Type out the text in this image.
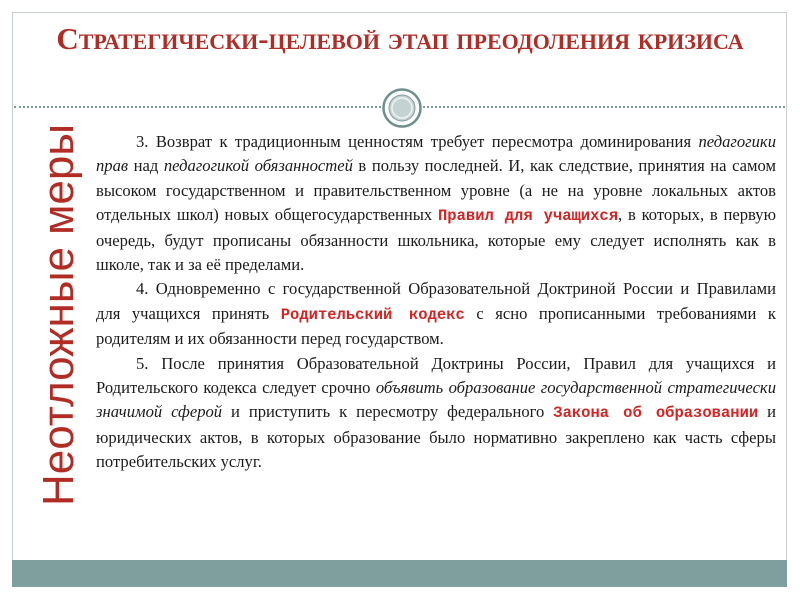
Стратегически-целевой этап преодоления кризиса
Неотложные меры	3. Возврат к традиционным ценностям требует пересмотра доминирования педагогики прав над педагогикой обязанностей в пользу последней. И, как следствие, принятия на самом высоком государственном и правительственном уровне (а не на уровне локальных актов отдельных школ) новых общегосударственных Правил для учащихся, в которых, в первую очередь, будут прописаны обязанности школьника, которые ему следует исполнять как в школе, так и за её пределами.

4. Одновременно с государственной Образовательной Доктриной России и Правилами для учащихся принять Родительский кодекс с ясно прописанными требованиями к родителям и их обязанности перед государством.

5. После принятия Образовательной Доктрины России, Правил для учащихся и Родительского кодекса следует срочно объявить образование государственной стратегически значимой сферой и приступить к пересмотру федерального Закона об образовании и юридических актов, в которых образование было нормативно закреплено как часть сферы потребительских услуг.
